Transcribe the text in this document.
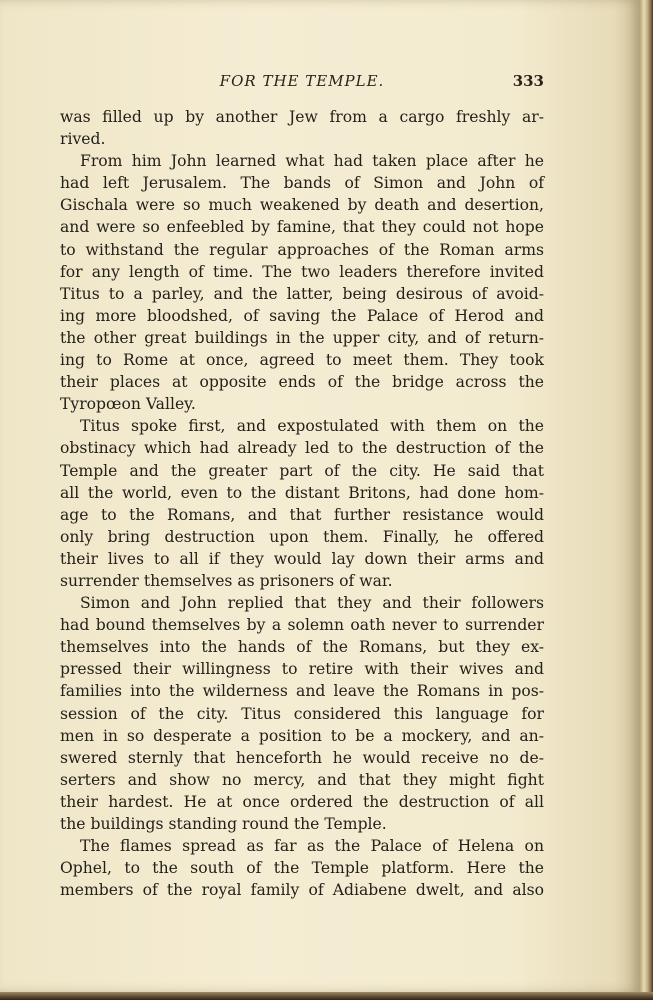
FOR THE TEMPLE.	333
was filled up by another Jew from a cargo freshly ar-
rived.
From him John learned what had taken place after he
had left Jerusalem. The bands of Simon and John of
Gischala were so much weakened by death and desertion,
and were so enfeebled by famine, that they could not hope
to withstand the regular approaches of the Roman arms
for any length of time. The two leaders therefore invited
Titus to a parley, and the latter, being desirous of avoid-
ing more bloodshed, of saving the Palace of Herod and
the other great buildings in the upper city, and of return-
ing to Rome at once, agreed to meet them. They took
their places at opposite ends of the bridge across the
Tyropœon Valley.
Titus spoke first, and expostulated with them on the
obstinacy which had already led to the destruction of the
Temple and the greater part of the city. He said that
all the world, even to the distant Britons, had done hom-
age to the Romans, and that further resistance would
only bring destruction upon them. Finally, he offered
their lives to all if they would lay down their arms and
surrender themselves as prisoners of war.
Simon and John replied that they and their followers
had bound themselves by a solemn oath never to surrender
themselves into the hands of the Romans, but they ex-
pressed their willingness to retire with their wives and
families into the wilderness and leave the Romans in pos-
session of the city. Titus considered this language for
men in so desperate a position to be a mockery, and an-
swered sternly that henceforth he would receive no de-
serters and show no mercy, and that they might fight
their hardest. He at once ordered the destruction of all
the buildings standing round the Temple.
The flames spread as far as the Palace of Helena on
Ophel, to the south of the Temple platform. Here the
members of the royal family of Adiabene dwelt, and also
